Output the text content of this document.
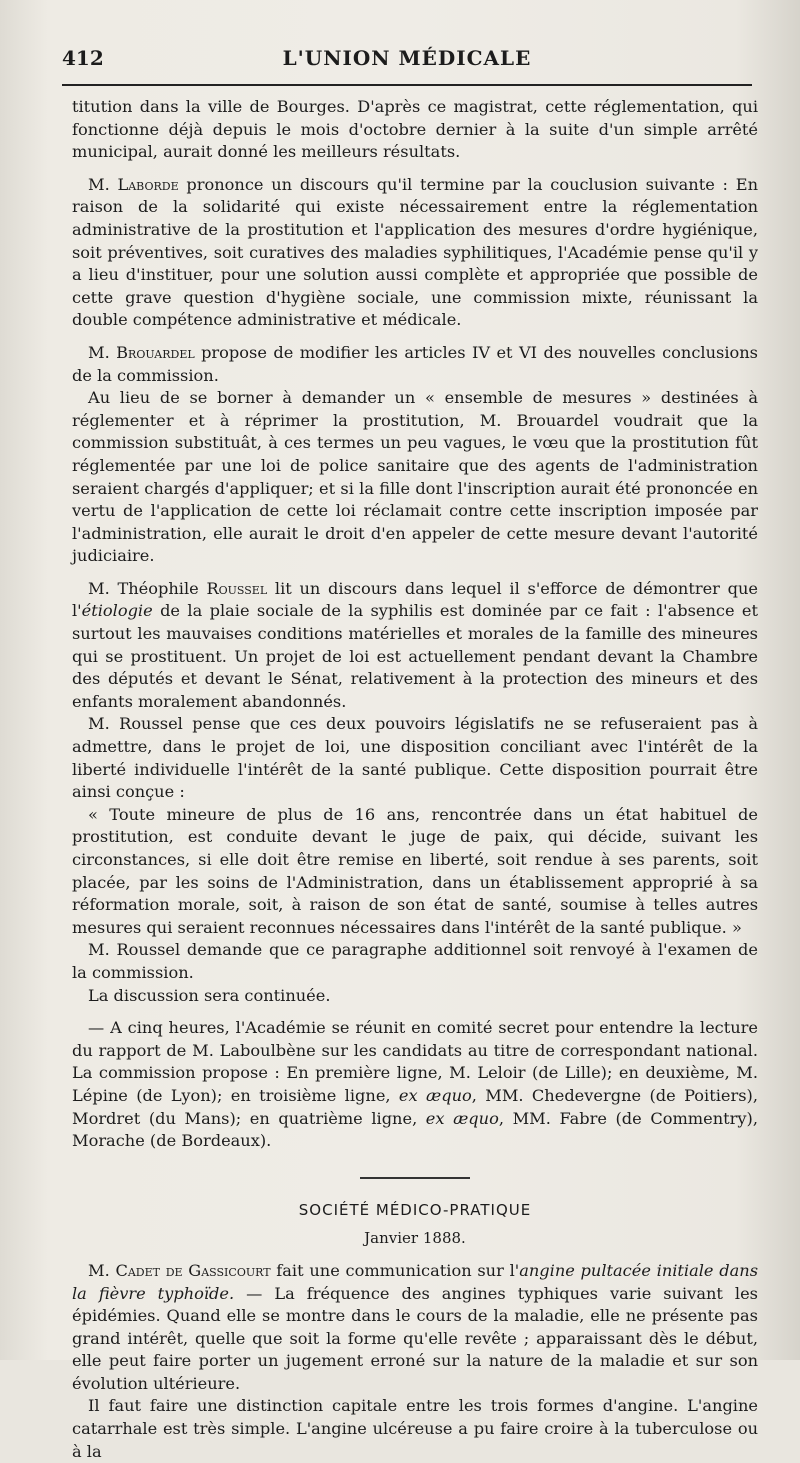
412	L'UNION MÉDICALE

titution dans la ville de Bourges. D'après ce magistrat, cette réglementation, qui fonctionne déjà depuis le mois d'octobre dernier à la suite d'un simple arrêté municipal, aurait donné les meilleurs résultats.

M. Laborde prononce un discours qu'il termine par la couclusion suivante : En raison de la solidarité qui existe nécessairement entre la réglementation administrative de la prostitution et l'application des mesures d'ordre hygiénique, soit préventives, soit curatives des maladies syphilitiques, l'Académie pense qu'il y a lieu d'instituer, pour une solution aussi complète et appropriée que possible de cette grave question d'hygiène sociale, une commission mixte, réunissant la double compétence administrative et médicale.

M. Brouardel propose de modifier les articles IV et VI des nouvelles conclusions de la commission.

Au lieu de se borner à demander un « ensemble de mesures » destinées à réglementer et à réprimer la prostitution, M. Brouardel voudrait que la commission substituât, à ces termes un peu vagues, le vœu que la prostitution fût réglementée par une loi de police sanitaire que des agents de l'administration seraient chargés d'appliquer; et si la fille dont l'inscription aurait été prononcée en vertu de l'application de cette loi réclamait contre cette inscription imposée par l'administration, elle aurait le droit d'en appeler de cette mesure devant l'autorité judiciaire.

M. Théophile Roussel lit un discours dans lequel il s'efforce de démontrer que l'étiologie de la plaie sociale de la syphilis est dominée par ce fait : l'absence et surtout les mauvaises conditions matérielles et morales de la famille des mineures qui se prostituent. Un projet de loi est actuellement pendant devant la Chambre des députés et devant le Sénat, relativement à la protection des mineurs et des enfants moralement abandonnés.

M. Roussel pense que ces deux pouvoirs législatifs ne se refuseraient pas à admettre, dans le projet de loi, une disposition conciliant avec l'intérêt de la liberté individuelle l'intérêt de la santé publique. Cette disposition pourrait être ainsi conçue :

« Toute mineure de plus de 16 ans, rencontrée dans un état habituel de prostitution, est conduite devant le juge de paix, qui décide, suivant les circonstances, si elle doit être remise en liberté, soit rendue à ses parents, soit placée, par les soins de l'Administration, dans un établissement approprié à sa réformation morale, soit, à raison de son état de santé, soumise à telles autres mesures qui seraient reconnues nécessaires dans l'intérêt de la santé publique. »

M. Roussel demande que ce paragraphe additionnel soit renvoyé à l'examen de la commission.

La discussion sera continuée.

— A cinq heures, l'Académie se réunit en comité secret pour entendre la lecture du rapport de M. Laboulbène sur les candidats au titre de correspondant national. La commission propose : En première ligne, M. Leloir (de Lille); en deuxième, M. Lépine (de Lyon); en troisième ligne, ex æquo, MM. Chedevergne (de Poitiers), Mordret (du Mans); en quatrième ligne, ex æquo, MM. Fabre (de Commentry), Morache (de Bordeaux).

SOCIÉTÉ MÉDICO-PRATIQUE
Janvier 1888.

M. Cadet de Gassicourt fait une communication sur l'angine pultacée initiale dans la fièvre typhoïde. — La fréquence des angines typhiques varie suivant les épidémies. Quand elle se montre dans le cours de la maladie, elle ne présente pas grand intérêt, quelle que soit la forme qu'elle revête ; apparaissant dès le début, elle peut faire porter un jugement erroné sur la nature de la maladie et sur son évolution ultérieure.

Il faut faire une distinction capitale entre les trois formes d'angine. L'angine catarrhale est très simple. L'angine ulcéreuse a pu faire croire à la tuberculose ou à la
